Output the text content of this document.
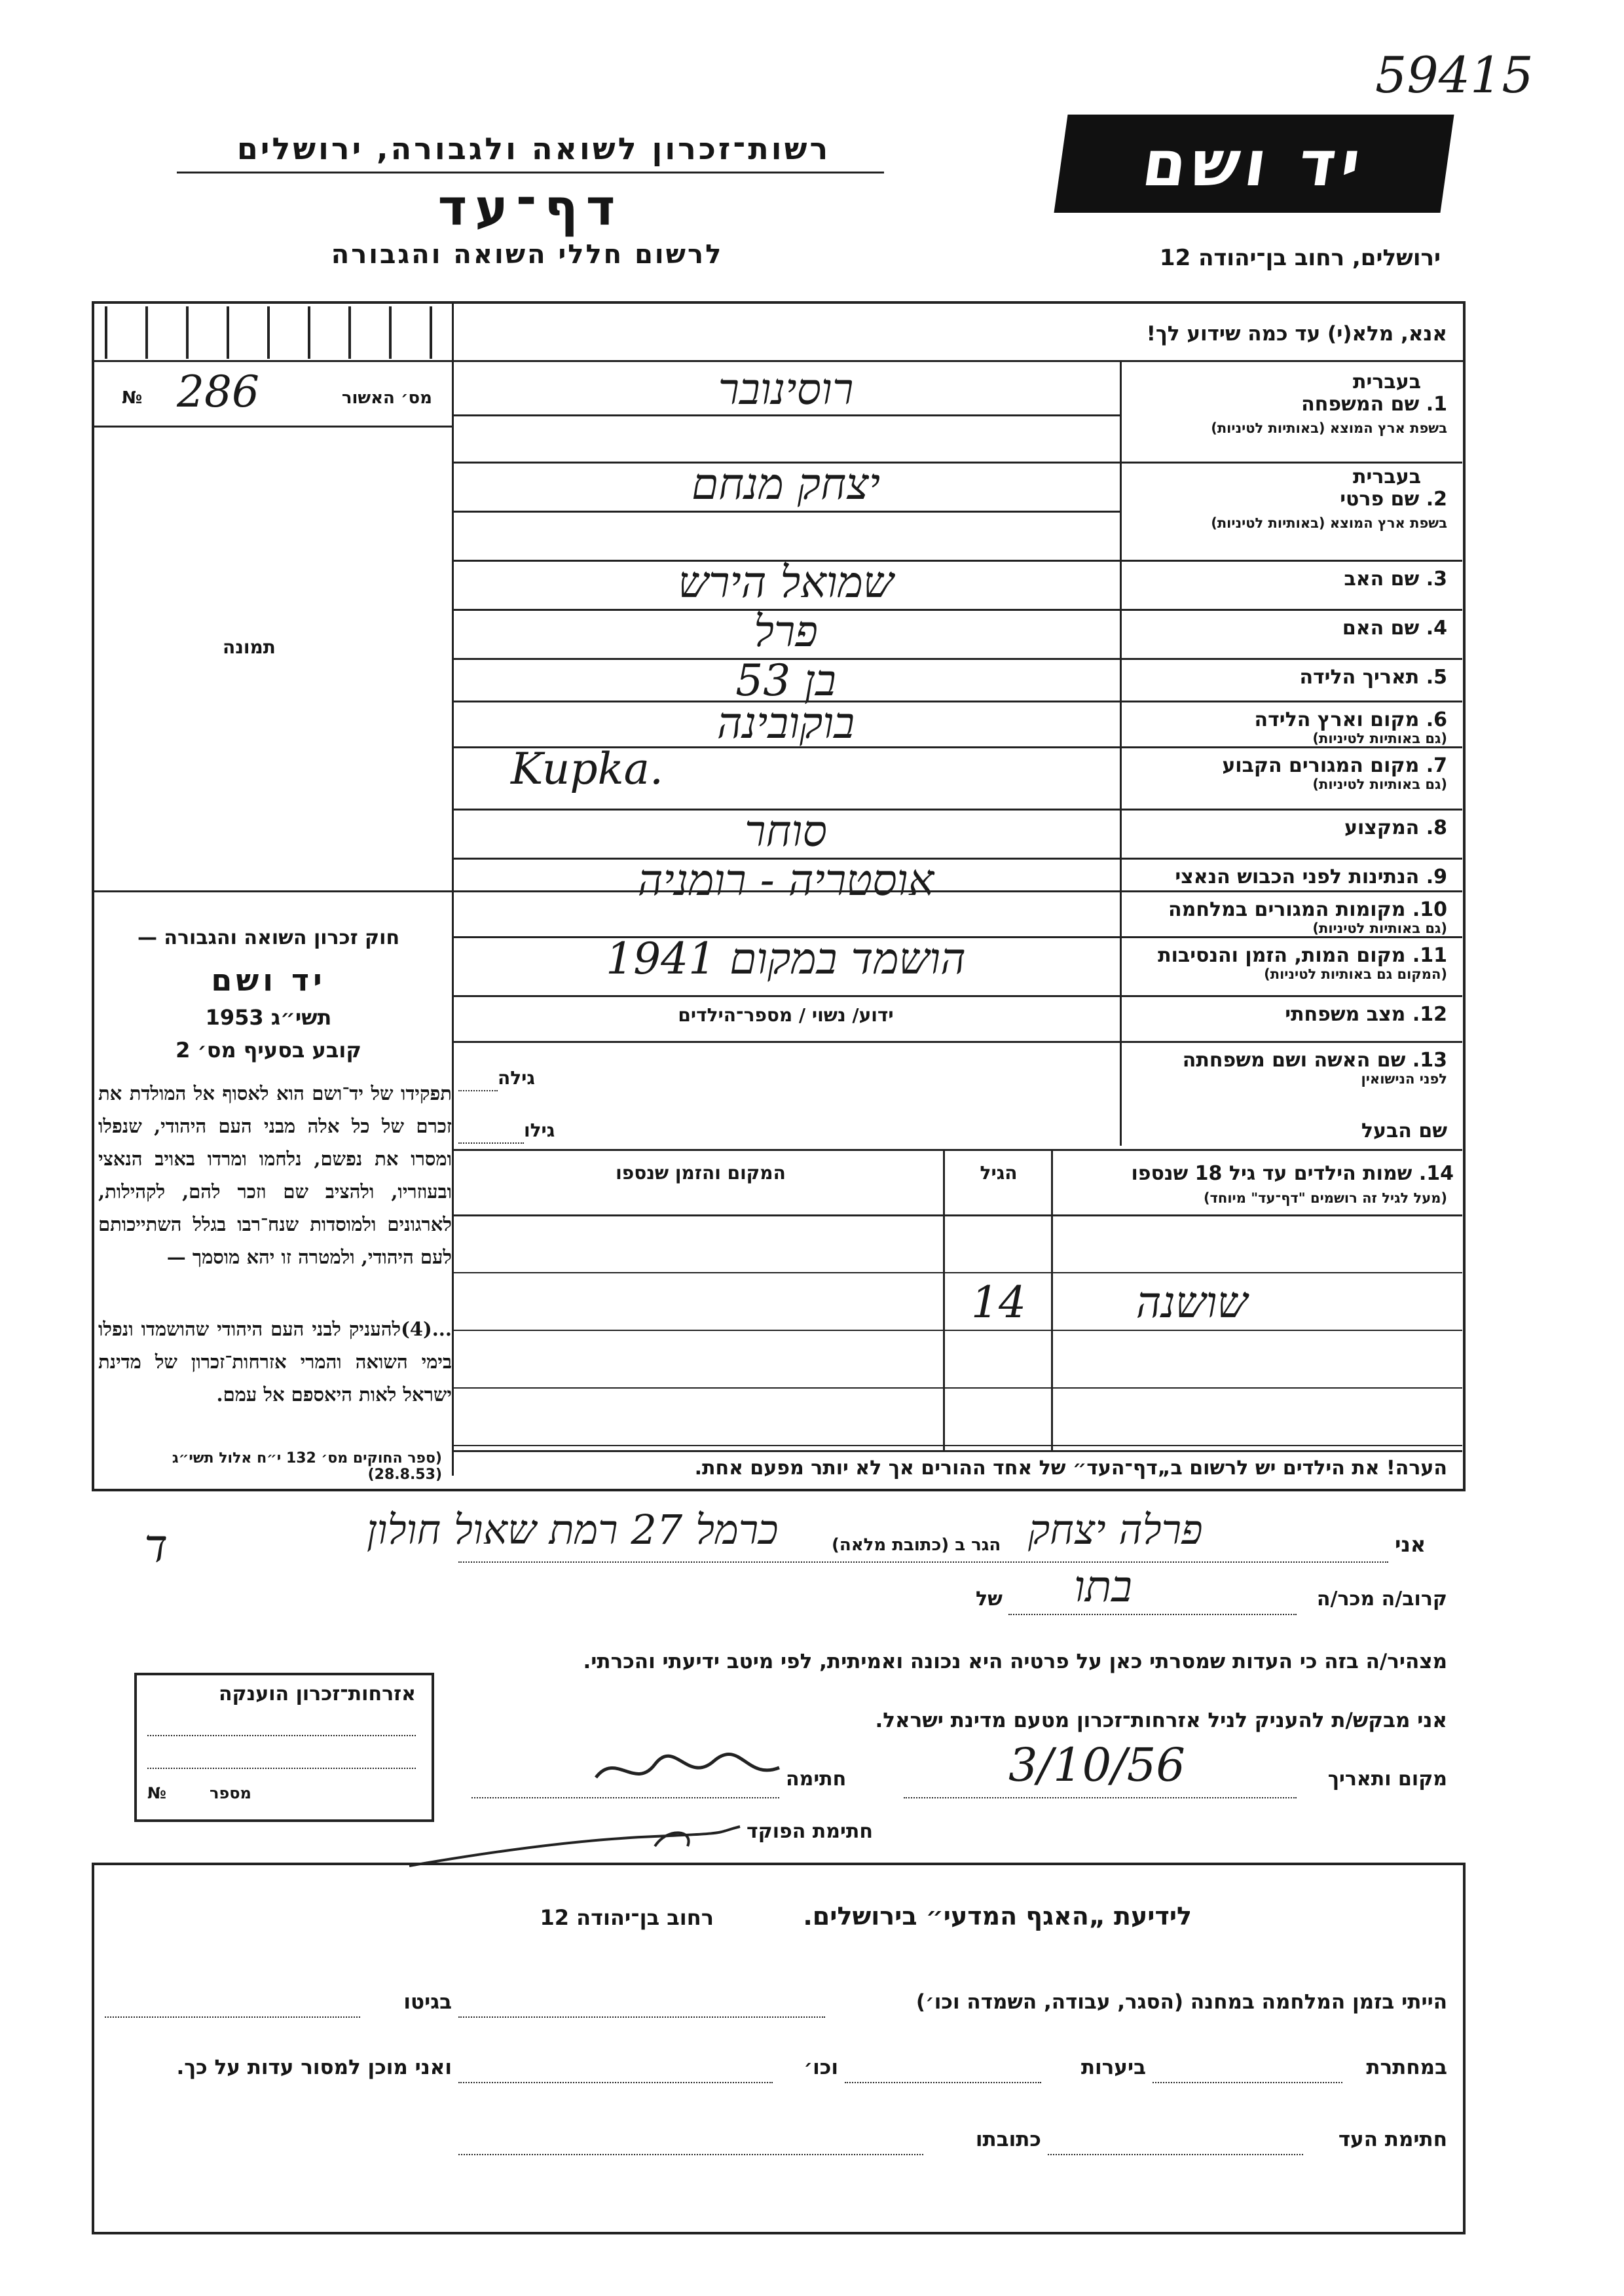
59415
רשות־זכרון לשואה ולגבורה, ירושלים
דף־עד
לרשום חללי השואה והגבורה
יד ושם
ירושלים, רחוב בן־יהודה 12
אנא, מלא(י) עד כמה שידוע לך!
מס׳ האשור
№ 286
תמונה
חוק זכרון השואה והגבורה —
יד ושם
תשי״ג 1953
קובע בסעיף מס׳ 2
תפקידו של יד־ושם הוא לאסוף אל המולדת את זכרם של כל אלה מבני העם היהודי, שנפלו ומסרו את נפשם, נלחמו ומרדו באויב הנאצי ובעוזריו, ולהציב שם וזכר להם, לקהילות, לארגונים ולמוסדות שנח־רבו בגלל השתייכותם לעם היהודי, ולמטרה זו יהא מוסמך —
...(4)להעניק לבני העם היהודי שהושמדו ונפלו בימי השואה והמרי אזרחות־זכרון של מדינת ישראל לאות היאספם אל עמם.
(ספר החוקים מס׳ 132 י״ח אלול תשי״ג (28.8.53)
1. שם המשפחה
בעברית
בשפת ארץ המוצא (באותיות לטיניות)
רוסינובר
2. שם פרטי
בעברית
בשפת ארץ המוצא (באותיות לטיניות)
יצחק מנחם
3. שם האב
שמואל הירש
4. שם האם
פרל
5. תאריך הלידה
בן 53
6. מקום וארץ הלידה
(גם באותיות לטיניות)
בוקובינה
7. מקום המגורים הקבוע
(גם באותיות לטיניות)
Kupka.
8. המקצוע
סוחר
9. הנתינות לפני הכבוש הנאצי
אוסטריה - רומניה
10. מקומות המגורים במלחמה
(גם באותיות לטיניות)
11. מקום המות, הזמן והנסיבות
(המקום גם באותיות לטיניות)
הושמד במקום 1941
12. מצב משפחתי
ידוע/ נשוי / מספר־הילדים
13. שם האשה ושם משפחתה
לפני הנישואין
גילה
גילו	שם הבעל
14. שמות הילדים עד גיל 18 שנספו
(מעל לגיל זה רושמים "דף־עד" מיוחד)
הגיל
המקום והזמן שנספו
שושנה
14
הערה! את הילדים יש לרשום ב„דף־העד״ של אחד ההורים אך לא יותר מפעם אחת.
אני
פרלה יצחק
הגר ב (כתובת מלאה)
כרמל 27 רמת שאול חולון
ד
קרוב/ה מכר/ה
בתו
של
מצהיר/ה בזה כי העדות שמסרתי כאן על פרטיה היא נכונה ואמיתית, לפי מיטב ידיעתי והכרתי.
אני מבקש/ת להעניק לניל אזרחות־זכרון מטעם מדינת ישראל.
מקום ותאריך
3/10/56
חתימה
חתימת הפוקד
אזרחות־זכרון הוענקה
מספר
№
לידיעת „האגף המדעי״ בירושלים.
רחוב בן־יהודה 12
הייתי בזמן המלחמה במחנה (הסגר, עבודה, השמדה וכו׳)
בגיטו
במחתרת
ביערות
וכו׳
ואני מוכן למסור עדות על כך.
חתימת העד
כתובתו
